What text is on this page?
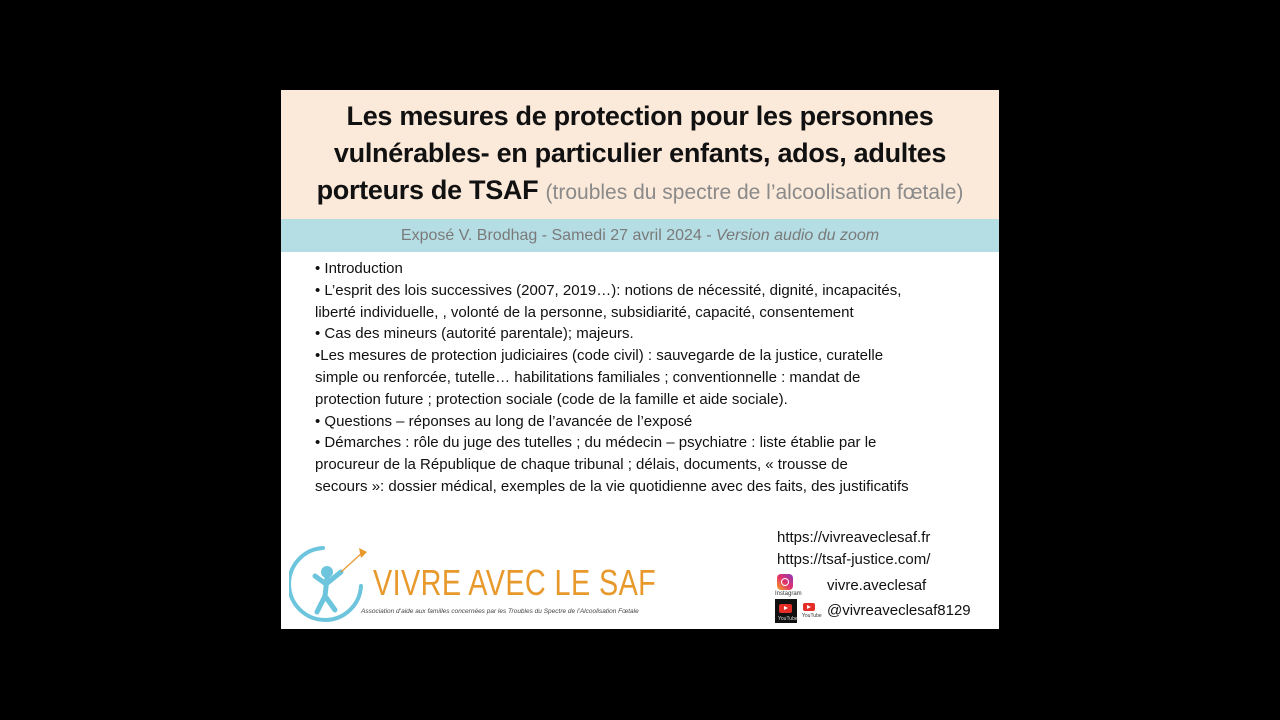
Les mesures de protection pour les personnes
vulnérables- en particulier enfants, ados, adultes
porteurs de TSAF (troubles du spectre de l’alcoolisation fœtale)
Exposé V. Brodhag - Samedi 27 avril 2024 - Version audio du zoom

• Introduction

• L’esprit des lois successives (2007, 2019…): notions de nécessité, dignité, incapacités,

liberté individuelle, , volonté de la personne, subsidiarité, capacité, consentement

• Cas des mineurs (autorité parentale); majeurs.

•Les mesures de protection judiciaires (code civil) : sauvegarde de la justice, curatelle

simple ou renforcée, tutelle… habilitations familiales ; conventionnelle : mandat de

protection future ; protection sociale (code de la famille et aide sociale).

• Questions – réponses au long de l’avancée de l’exposé

• Démarches : rôle du juge des tutelles ; du médecin – psychiatre : liste établie par le

procureur de la République de chaque tribunal ; délais, documents, « trousse de

secours »: dossier médical, exemples de la vie quotidienne avec des faits, des justificatifs

https://vivreaveclesaf.fr
https://tsaf-justice.com/
Instagram vivre.aveclesaf
YouTube YouTube @vivreaveclesaf8129
VIVRE AVEC LE SAF
Association d’aide aux familles concernées par les Troubles du Spectre de l’Alcoolisation Fœtale
